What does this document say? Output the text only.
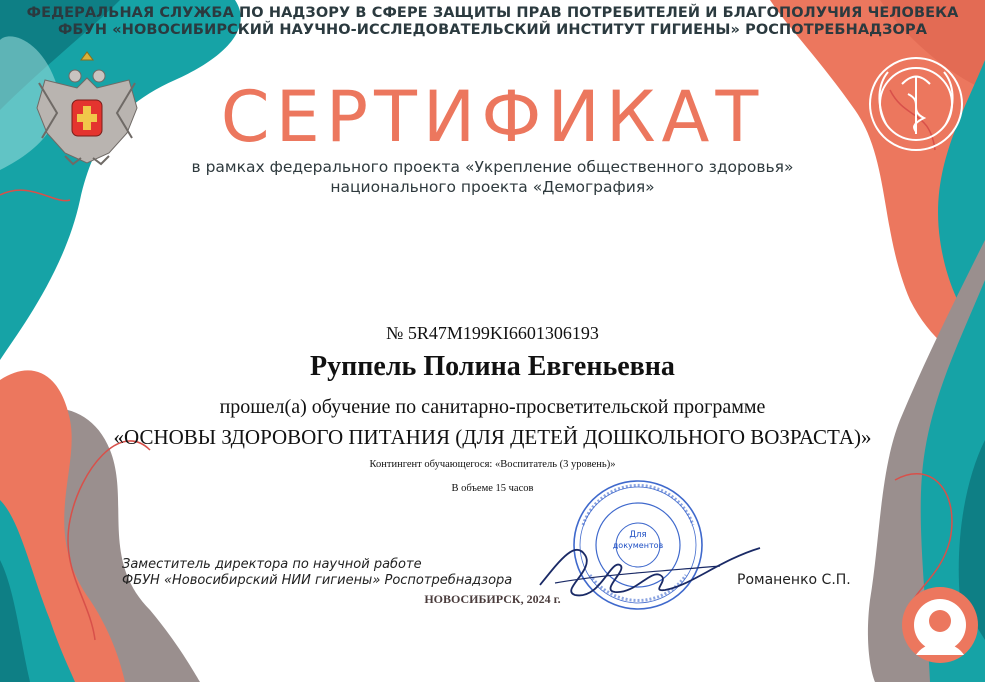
ФЕДЕРАЛЬНАЯ СЛУЖБА ПО НАДЗОРУ В СФЕРЕ ЗАЩИТЫ ПРАВ ПОТРЕБИТЕЛЕЙ И БЛАГОПОЛУЧИЯ ЧЕЛОВЕКА
ФБУН «НОВОСИБИРСКИЙ НАУЧНО-ИССЛЕДОВАТЕЛЬСКИЙ ИНСТИТУТ ГИГИЕНЫ» РОСПОТРЕБНАДЗОРА
СЕРТИФИКАТ
в рамках федерального проекта «Укрепление общественного здоровья»
национального проекта «Демография»
№ 5R47M199KI6601306193
Руппель Полина Евгеньевна
прошел(а) обучение по санитарно-просветительской программе
«ОСНОВЫ ЗДОРОВОГО ПИТАНИЯ (ДЛЯ ДЕТЕЙ ДОШКОЛЬНОГО ВОЗРАСТА)»
Контингент обучающегося: «Воспитатель (3 уровень)»
В объеме 15 часов
Для
документов
Заместитель директора по научной работе
ФБУН «Новосибирский НИИ гигиены» Роспотребнадзора	Романенко С.П.
НОВОСИБИРСК, 2024 г.
